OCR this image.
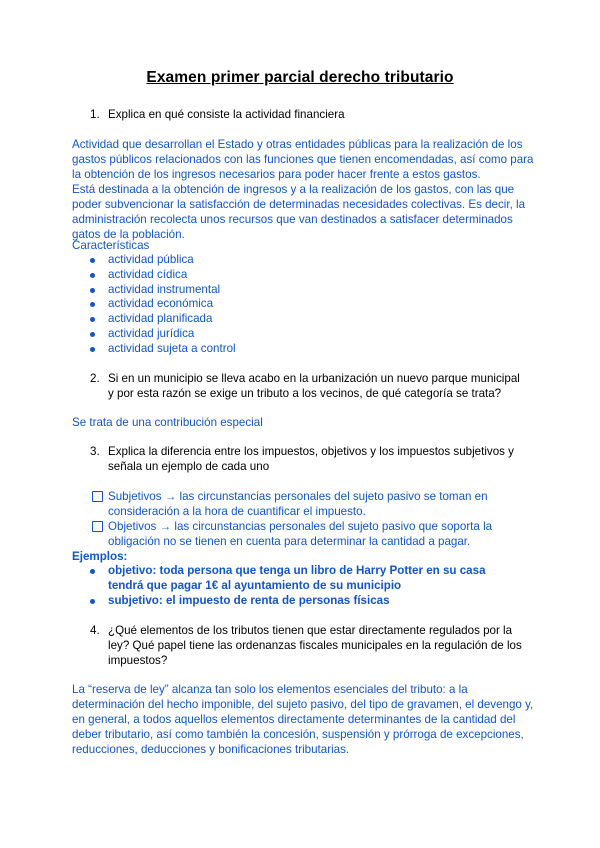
Examen primer parcial derecho tributario
1. Explica en qué consiste la actividad financiera

Actividad que desarrollan el Estado y otras entidades públicas para la realización de los gastos públicos relacionados con las funciones que tienen encomendadas, así como para la obtención de los ingresos necesarios para poder hacer frente a estos gastos.

Está destinada a la obtención de ingresos y a la realización de los gastos, con las que poder subvencionar la satisfacción de determinadas necesidades colectivas. Es decir, la administración recolecta unos recursos que van destinados a satisfacer determinados gatos de la población.

Características
actividad pública
actividad cídica
actividad instrumental
actividad económica
actividad planificada
actividad jurídica
actividad sujeta a control
2. Si en un municipio se lleva acabo en la urbanización un nuevo parque municipal y por esta razón se exige un tributo a los vecinos, de qué categoría se trata?
Se trata de una contribución especial
3. Explica la diferencia entre los impuestos, objetivos y los impuestos subjetivos y señala un ejemplo de cada uno
Subjetivos → las circunstancias personales del sujeto pasivo se toman en consideración a la hora de cuantificar el impuesto.
Objetivos → las circunstancias personales del sujeto pasivo que soporta la obligación no se tienen en cuenta para determinar la cantidad a pagar.
Ejemplos:
objetivo: toda persona que tenga un libro de Harry Potter en su casa tendrá que pagar 1€ al ayuntamiento de su municipio
subjetivo: el impuesto de renta de personas físicas
4. ¿Qué elementos de los tributos tienen que estar directamente regulados por la ley? Qué papel tiene las ordenanzas fiscales municipales en la regulación de los impuestos?
La “reserva de ley” alcanza tan solo los elementos esenciales del tributo: a la determinación del hecho imponible, del sujeto pasivo, del tipo de gravamen, el devengo y, en general, a todos aquellos elementos directamente determinantes de la cantidad del deber tributario, así como también la concesión, suspensión y prórroga de excepciones, reducciones, deducciones y bonificaciones tributarias.
